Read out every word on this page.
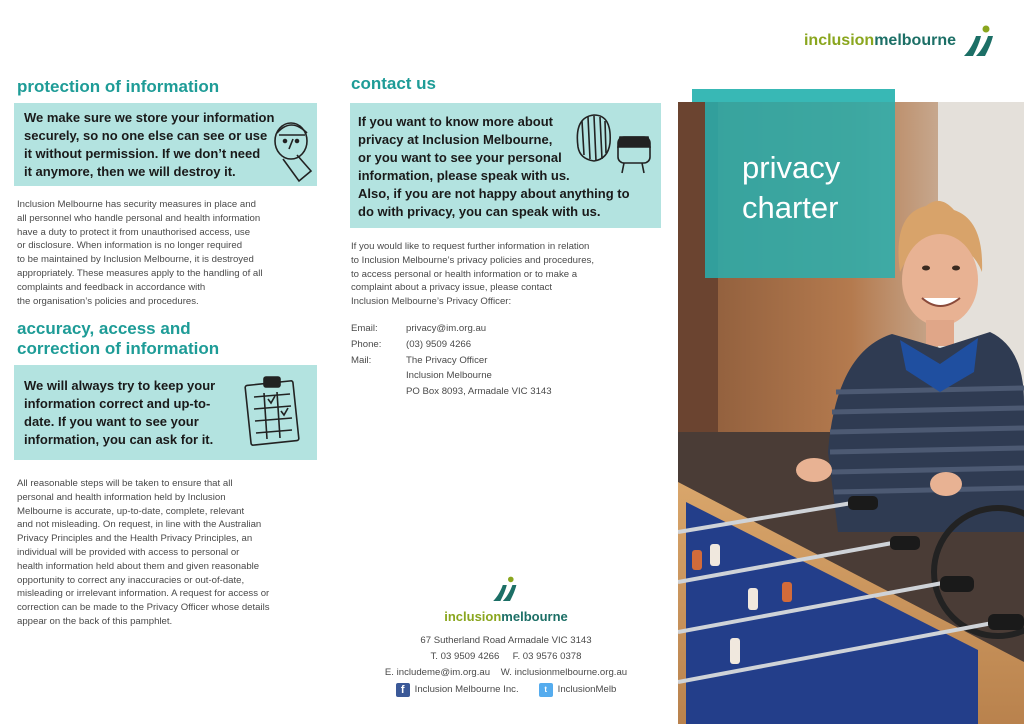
inclusionmelbourne
protection of information
We make sure we store your information
securely, so no one else can see or use
it without permission. If we don’t need
it anymore, then we will destroy it.

Inclusion Melbourne has security measures in place and
all personnel who handle personal and health information
have a duty to protect it from unauthorised access, use
or disclosure. When information is no longer required
to be maintained by Inclusion Melbourne, it is destroyed
appropriately. These measures apply to the handling of all
complaints and feedback in accordance with
the organisation’s policies and procedures.

accuracy, access and
correction of information
We will always try to keep your
information correct and up-to-
date. If you want to see your
information, you can ask for it.

All reasonable steps will be taken to ensure that all
personal and health information held by Inclusion
Melbourne is accurate, up-to-date, complete, relevant
and not misleading. On request, in line with the Australian
Privacy Principles and the Health Privacy Principles, an
individual will be provided with access to personal or
health information held about them and given reasonable
opportunity to correct any inaccuracies or out-of-date,
misleading or irrelevant information. A request for access or
correction can be made to the Privacy Officer whose details
appear on the back of this pamphlet.

contact us
If you want to know more about
privacy at Inclusion Melbourne,
or you want to see your personal
information, please speak with us.
Also, if you are not happy about anything to
do with privacy, you can speak with us.

If you would like to request further information in relation
to Inclusion Melbourne’s privacy policies and procedures,
to access personal or health information or to make a
complaint about a privacy issue, please contact
Inclusion Melbourne’s Privacy Officer:

Email:	privacy@im.org.au
Phone:	(03) 9509 4266
Mail:	The Privacy Officer
Inclusion Melbourne
PO Box 8093, Armadale VIC 3143
inclusionmelbourne
67 Sutherland Road Armadale VIC 3143
T. 03 9509 4266     F. 03 9576 0378
E. includeme@im.org.au    W. inclusionmelbourne.org.au
f	Inclusion Melbourne Inc.	t	InclusionMelb
privacy
charter
